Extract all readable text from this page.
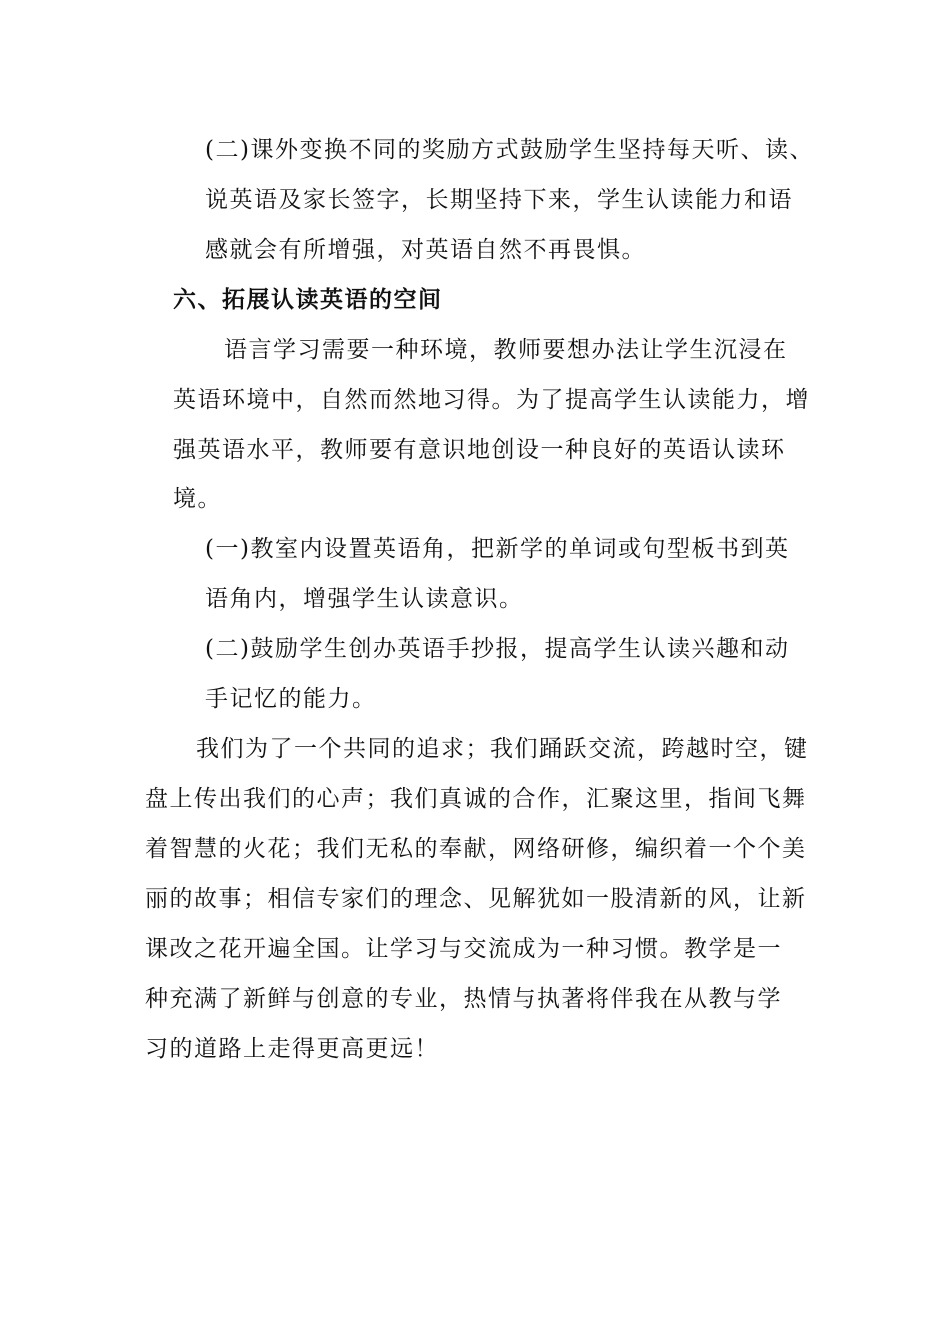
(二)课外变换不同的奖励方式鼓励学生坚持每天听、读、
说英语及家长签字，长期坚持下来，学生认读能力和语
感就会有所增强，对英语自然不再畏惧。
六、拓展认读英语的空间
语言学习需要一种环境，教师要想办法让学生沉浸在
英语环境中，自然而然地习得。为了提高学生认读能力，增
强英语水平，教师要有意识地创设一种良好的英语认读环
境。
(一)教室内设置英语角，把新学的单词或句型板书到英
语角内，增强学生认读意识。
(二)鼓励学生创办英语手抄报，提高学生认读兴趣和动
手记忆的能力。
我们为了一个共同的追求；我们踊跃交流，跨越时空，键
盘上传出我们的心声；我们真诚的合作，汇聚这里，指间飞舞
着智慧的火花；我们无私的奉献，网络研修，编织着一个个美
丽的故事；相信专家们的理念、见解犹如一股清新的风，让新
课改之花开遍全国。让学习与交流成为一种习惯。教学是一
种充满了新鲜与创意的专业，热情与执著将伴我在从教与学
习的道路上走得更高更远！
